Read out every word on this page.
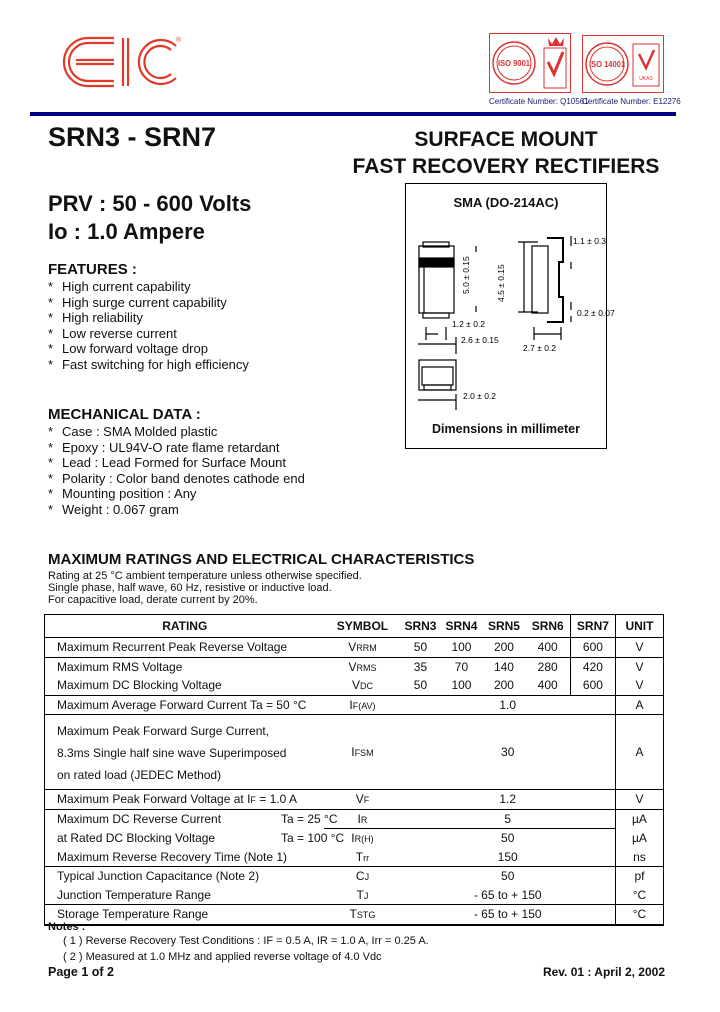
®
ISO 9001
Certificate Number: Q10561
ISO 14001
UKAS
Certificate Number: E12276
SRN3 - SRN7	SURFACE MOUNT
FAST RECOVERY RECTIFIERS
PRV : 50 - 600 Volts
Io : 1.0 Ampere
FEATURES :
* High current capability
* High surge current capability
* High reliability
* Low reverse current
* Low forward voltage drop
* Fast switching for high efficiency
MECHANICAL DATA :
* Case : SMA Molded plastic
* Epoxy : UL94V-O rate flame retardant
* Lead : Lead Formed for Surface Mount
* Polarity : Color band denotes cathode end
* Mounting position : Any
* Weight : 0.067 gram
SMA (DO-214AC)
5.0 ± 0.15	4.5 ± 0.15
1.1 ± 0.3
0.2 ± 0.07
1.2 ± 0.2
2.6 ± 0.15
2.7 ± 0.2
2.0 ± 0.2
Dimensions in millimeter
MAXIMUM RATINGS AND ELECTRICAL CHARACTERISTICS
Rating at 25 °C ambient temperature unless otherwise specified.
Single phase, half wave, 60 Hz, resistive or inductive load.
For capacitive load, derate current by 20%.
RATING	SYMBOL	SRN3	SRN4	SRN5	SRN6	SRN7	UNIT
Maximum Recurrent Peak Reverse Voltage	VRRM	50	100	200	400	600	V
Maximum RMS Voltage	VRMS	35	70	140	280	420	V
Maximum DC Blocking Voltage	VDC	50	100	200	400	600	V
Maximum Average Forward Current Ta = 50 °C	IF(AV)	1.0					A
Maximum Peak Forward Surge Current,
8.3ms Single half sine wave Superimposed
on rated load (JEDEC Method)	IFSM	30					A
Maximum Peak Forward Voltage at IF = 1.0 A	VF	1.2					V
Maximum DC Reverse Current Ta = 25 °C	IR	5					µA
at Rated DC Blocking Voltage Ta = 100 °C	IR(H)	50					µA
Maximum Reverse Recovery Time (Note 1)	Trr	150					ns
Typical Junction Capacitance (Note 2)	CJ	50					pf
Junction Temperature Range	TJ	- 65 to + 150					°C
Storage Temperature Range	TSTG	- 65 to + 150					°C
Notes :
( 1 ) Reverse Recovery Test Conditions : IF = 0.5 A, IR = 1.0 A, Irr = 0.25 A.
( 2 ) Measured at 1.0 MHz and applied reverse voltage of 4.0 Vdc
Page 1 of 2	Rev. 01 : April 2, 2002
